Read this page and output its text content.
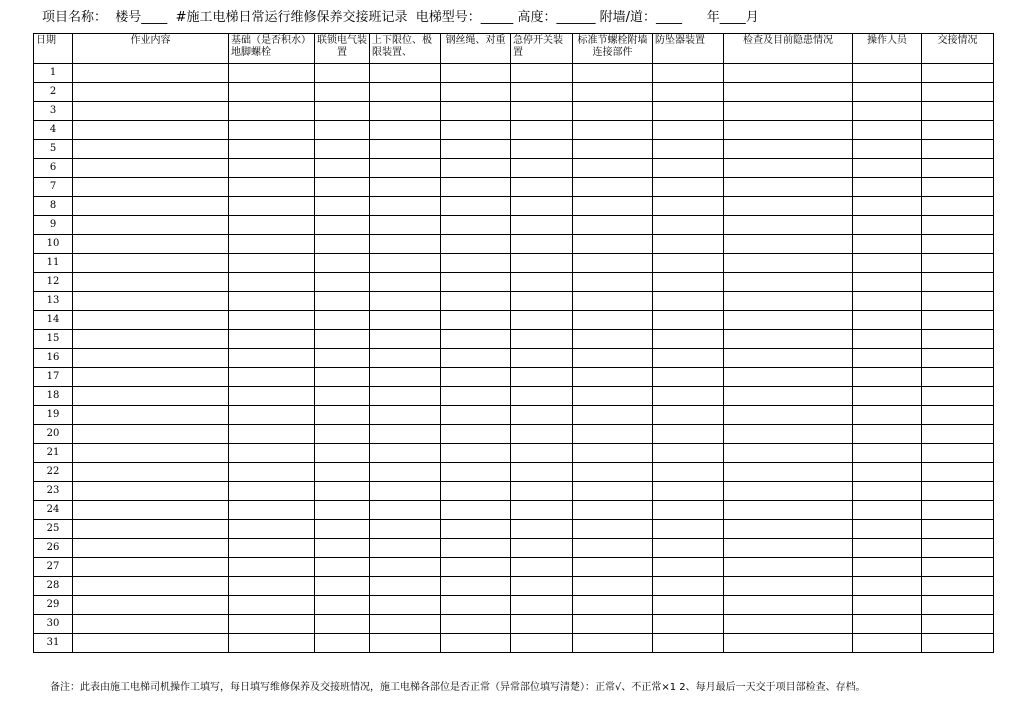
项目名称： 楼号____ #施工电梯日常运行维修保养交接班记录 电梯型号：_____ 高度：______ 附墙/道：____ 年____月
日期	作业内容	基础（是否积水）地脚螺栓	联锁电气装置	上下限位、极限装置、	钢丝绳、对重	急停开关装置	标准节螺栓附墙连接部件	防坠器装置	检查及目前隐患情况	操作人员	交接情况
1											
2											
3											
4											
5											
6											
7											
8											
9											
10											
11											
12											
13											
14											
15											
16											
17											
18											
19											
20											
21											
22											
23											
24											
25											
26											
27											
28											
29											
30											
31											
备注：此表由施工电梯司机操作工填写，每日填写维修保养及交接班情况，施工电梯各部位是否正常（异常部位填写清楚）：正常√、不正常×1 2、每月最后一天交于项目部检查、存档。
